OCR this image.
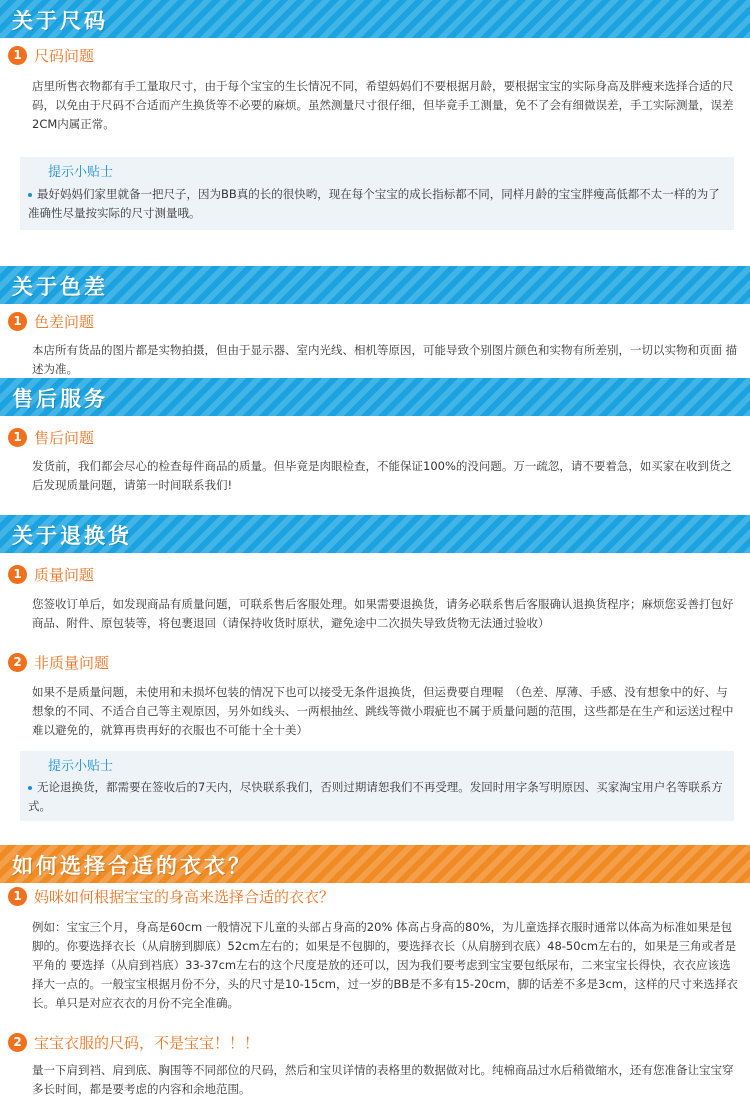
关于尺码
1 尺码问题

店里所售衣物都有手工量取尺寸，由于每个宝宝的生长情况不同，希望妈妈们不要根据月龄，要根据宝宝的实际身高及胖瘦来选择合适的尺码，以免由于尺码不合适而产生换货等不必要的麻烦。虽然测量尺寸很仔细，但毕竟手工测量，免不了会有细微误差，手工实际测量，误差2CM内属正常。

提示小贴士
最好妈妈们家里就备一把尺子，因为BB真的长的很快哟，现在每个宝宝的成长指标都不同，同样月龄的宝宝胖瘦高低都不太一样的为了准确性尽量按实际的尺寸测量哦。
关于色差
1 色差问题

本店所有货品的图片都是实物拍摄，但由于显示器、室内光线、相机等原因，可能导致个别图片颜色和实物有所差别，一切以实物和页面 描述为准。

售后服务
1 售后问题

发货前，我们都会尽心的检查每件商品的质量。但毕竟是肉眼检查，不能保证100%的没问题。万一疏忽，请不要着急，如买家在收到货之后发现质量问题，请第一时间联系我们!

关于退换货
1 质量问题

您签收订单后，如发现商品有质量问题，可联系售后客服处理。如果需要退换货，请务必联系售后客服确认退换货程序；麻烦您妥善打包好商品、附件、原包装等，将包裹退回（请保持收货时原状，避免途中二次损失导致货物无法通过验收）

2 非质量问题

如果不是质量问题，未使用和未损坏包装的情况下也可以接受无条件退换货，但运费要自理喔　（色差、厚薄、手感、没有想象中的好、与想象的不同、不适合自己等主观原因，另外如线头、一两根抽丝、跳线等微小瑕疵也不属于质量问题的范围，这些都是在生产和运送过程中难以避免的，就算再贵再好的衣服也不可能十全十美）

提示小贴士
无论退换货，都需要在签收后的7天内，尽快联系我们，否则过期请恕我们不再受理。发回时用字条写明原因、买家淘宝用户名等联系方式。
如何选择合适的衣衣？
1 妈咪如何根据宝宝的身高来选择合适的衣衣？

例如：宝宝三个月，身高是60cm 一般情况下儿童的头部占身高的20% 体高占身高的80%，为儿童选择衣服时通常以体高为标准如果是包脚的。你要选择衣长（从肩膀到脚底）52cm左右的；如果是不包脚的，要选择衣长（从肩膀到衣底）48-50cm左右的，如果是三角或者是平角的 要选择（从肩到裆底）33-37cm左右的这个尺度是放的还可以，因为我们要考虑到宝宝要包纸尿布，二来宝宝长得快，衣衣应该选择大一点的。一般宝宝根据月份不分，头的尺寸是10-15cm，过一岁的BB是不多有15-20cm，脚的话差不多是3cm，这样的尺寸来选择衣长。单只是对应衣衣的月份不完全准确。

2 宝宝衣服的尺码，不是宝宝！！！

量一下肩到裆、肩到底、胸围等不同部位的尺码，然后和宝贝详情的表格里的数据做对比。纯棉商品过水后稍微缩水，还有您准备让宝宝穿多长时间，都是要考虑的内容和余地范围。
